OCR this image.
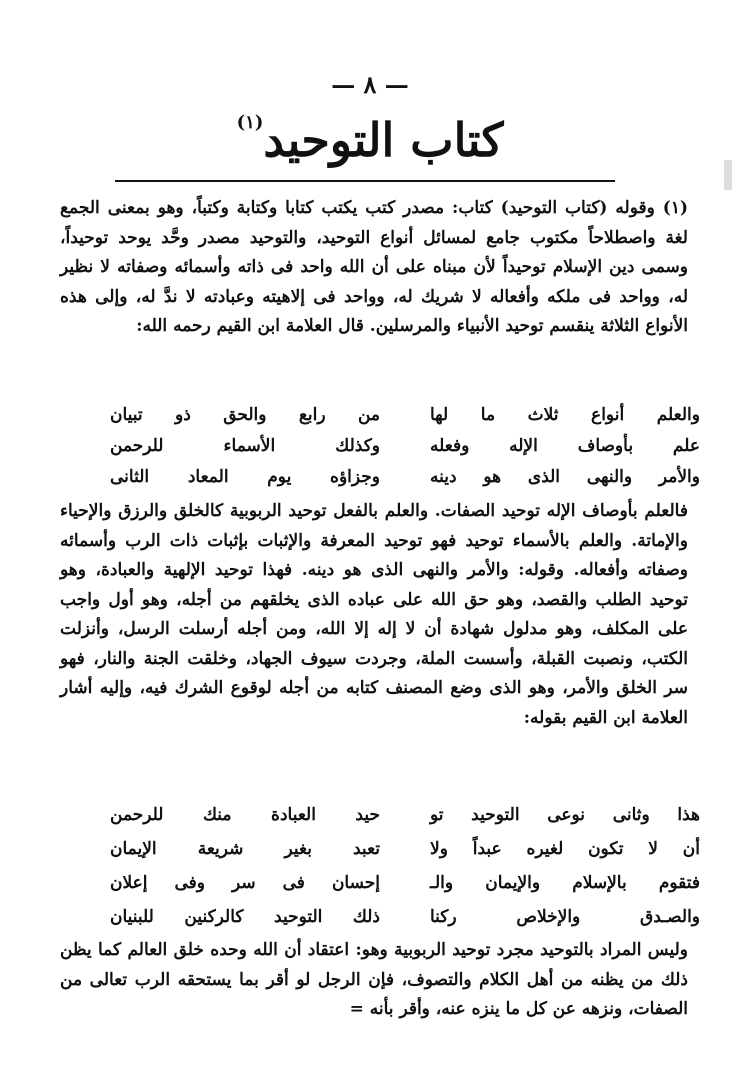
— ٨ —
كتاب التوحيد$^{(١)}$

(١) وقوله (كتاب التوحيد) كتاب: مصدر كتب يكتب كتابا وكتابة وكتباً، وهو بمعنى الجمع لغة واصطلاحاً مكتوب جامع لمسائل أنواع التوحيد، والتوحيد مصدر وحَّد يوحد توحيداً، وسمى دين الإسلام توحيداً لأن مبناه على أن الله واحد فى ذاته وأسمائه وصفاته لا نظير له، وواحد فى ملكه وأفعاله لا شريك له، وواحد فى إلاهيته وعبادته لا ندَّ له، وإلى هذه الأنواع الثلاثة ينقسم توحيد الأنبياء والمرسلين. قال العلامة ابن القيم رحمه الله:

والعلم أنواع ثلاث ما لها
من رابع والحق ذو تبيان
علم بأوصاف الإله وفعله
وكذلك الأسماء للرحمن
والأمر والنهى الذى هو دينه
وجزاؤه يوم المعاد الثانى

فالعلم بأوصاف الإله توحيد الصفات. والعلم بالفعل توحيد الربوبية كالخلق والرزق والإحياء والإماتة. والعلم بالأسماء توحيد فهو توحيد المعرفة والإثبات بإثبات ذات الرب وأسمائه وصفاته وأفعاله. وقوله: والأمر والنهى الذى هو دينه. فهذا توحيد الإلهية والعبادة، وهو توحيد الطلب والقصد، وهو حق الله على عباده الذى يخلقهم من أجله، وهو أول واجب على المكلف، وهو مدلول شهادة أن لا إله إلا الله، ومن أجله أرسلت الرسل، وأنزلت الكتب، ونصبت القبلة، وأسست الملة، وجردت سيوف الجهاد، وخلقت الجنة والنار، فهو سر الخلق والأمر، وهو الذى وضع المصنف كتابه من أجله لوقوع الشرك فيه، وإليه أشار العلامة ابن القيم بقوله:

هذا وثانى نوعى التوحيد تو
حيد العبادة منك للرحمن
أن لا تكون لغيره عبداً ولا
تعبد بغير شريعة الإيمان
فتقوم بالإسلام والإيمان والـ
إحسان فى سر وفى إعلان
والصـدق والإخلاص ركنا
ذلك التوحيد كالركنين للبنيان

وليس المراد بالتوحيد مجرد توحيد الربوبية وهو: اعتقاد أن الله وحده خلق العالم كما يظن ذلك من يظنه من أهل الكلام والتصوف، فإن الرجل لو أقر بما يستحقه الرب تعالى من الصفات، ونزهه عن كل ما ينزه عنه، وأقر بأنه =
